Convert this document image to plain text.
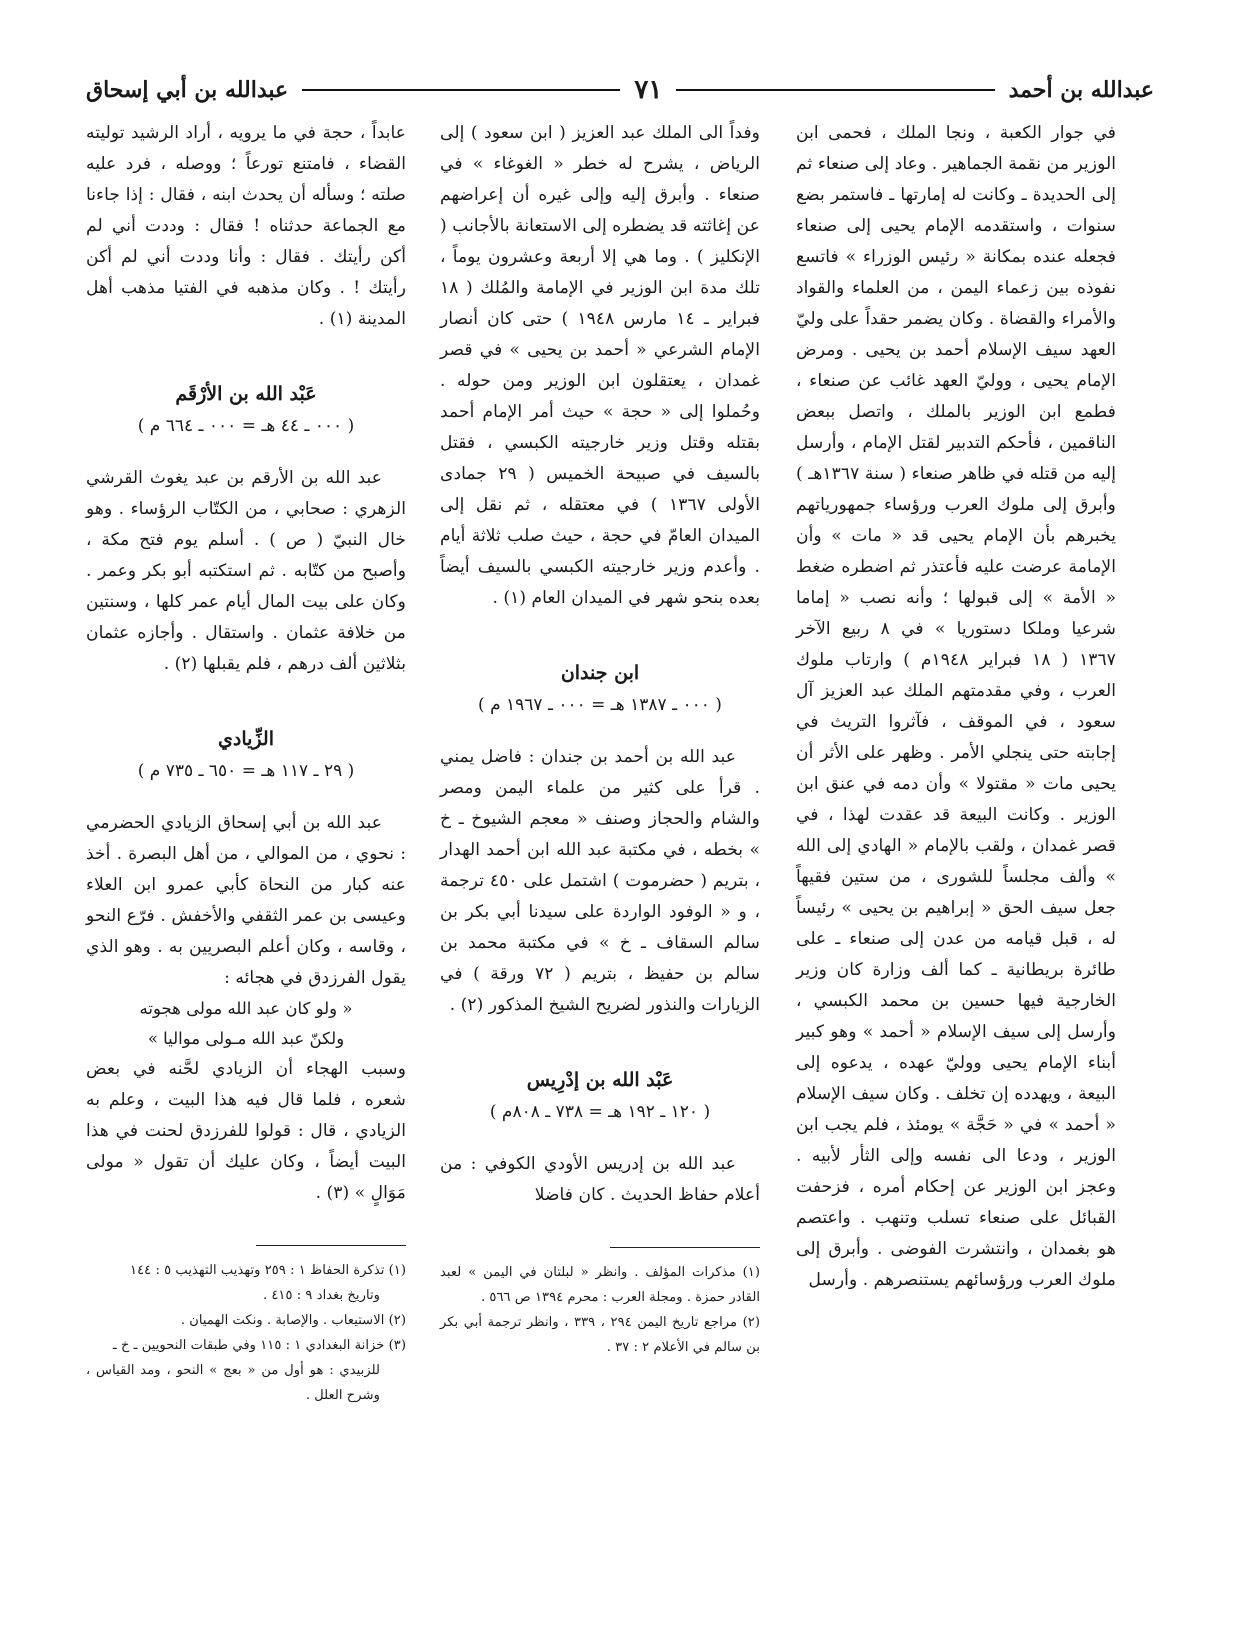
عبدالله بن أحمد
٧١
عبدالله بن أبي إسحاق

في جوار الكعبة ، ونجا الملك ، فحمى ابن الوزير من نقمة الجماهير . وعاد إلى صنعاء ثم إلى الحديدة ـ وكانت له إمارتها ـ فاستمر بضع سنوات ، واستقدمه الإمام يحيى إلى صنعاء فجعله عنده بمكانة « رئيس الوزراء » فاتسع نفوذه بين زعماء اليمن ، من العلماء والقواد والأمراء والقضاة . وكان يضمر حقداً على وليّ العهد سيف الإسلام أحمد بن يحيى . ومرض الإمام يحيى ، ووليّ العهد غائب عن صنعاء ، فطمع ابن الوزير بالملك ، واتصل ببعض الناقمين ، فأحكم التدبير لقتل الإمام ، وأرسل إليه من قتله في ظاهر صنعاء ( سنة ١٣٦٧هـ ) وأبرق إلى ملوك العرب ورؤساء جمهورياتهم يخبرهم بأن الإمام يحيى قد « مات » وأن الإمامة عرضت عليه فأعتذر ثم اضطره ضغط « الأمة » إلى قبولها ؛ وأنه نصب « إماما شرعيا وملكا دستوريا » في ٨ ربيع الآخر ١٣٦٧ ( ١٨ فبراير ١٩٤٨م ) وارتاب ملوك العرب ، وفي مقدمتهم الملك عبد العزيز آل سعود ، في الموقف ، فآثروا التريث في إجابته حتى ينجلي الأمر . وظهر على الأثر أن يحيى مات « مقتولا » وأن دمه في عنق ابن الوزير . وكانت البيعة قد عقدت لهذا ، في قصر غمدان ، ولقب بالإمام « الهادي إلى الله » وألف مجلساً للشورى ، من ستين فقيهاً جعل سيف الحق « إبراهيم بن يحيى » رئيساً له ، قبل قيامه من عدن إلى صنعاء ـ على طائرة بريطانية ـ كما ألف وزارة كان وزير الخارجية فيها حسين بن محمد الكبسي ، وأرسل إلى سيف الإسلام « أحمد » وهو كبير أبناء الإمام يحيى ووليّ عهده ، يدعوه إلى البيعة ، ويهدده إن تخلف . وكان سيف الإسلام « أحمد » في « حَجَّة » يومئذ ، فلم يجب ابن الوزير ، ودعا الى نفسه وإلى الثأر لأبيه . وعجز ابن الوزير عن إحكام أمره ، فزحفت القبائل على صنعاء تسلب وتنهب . واعتصم هو بغمدان ، وانتشرت الفوضى . وأبرق إلى ملوك العرب ورؤسائهم يستنصرهم . وأرسل

وفداً الى الملك عبد العزيز ( ابن سعود ) إلى الرياض ، يشرح له خطر « الغوغاء » في صنعاء . وأبرق إليه وإلى غيره أن إعراضهم عن إغاثته قد يضطره إلى الاستعانة بالأجانب ( الإنكليز ) . وما هي إلا أربعة وعشرون يوماً ، تلك مدة ابن الوزير في الإمامة والمُلك ( ١٨ فبراير ـ ١٤ مارس ١٩٤٨ ) حتى كان أنصار الإمام الشرعي « أحمد بن يحيى » في قصر غمدان ، يعتقلون ابن الوزير ومن حوله . وحُملوا إلى « حجة » حيث أمر الإمام أحمد بقتله وقتل وزير خارجيته الكبسي ، فقتل بالسيف في صبيحة الخميس ( ٢٩ جمادى الأولى ١٣٦٧ ) في معتقله ، ثم نقل إلى الميدان العامّ في حجة ، حيث صلب ثلاثة أيام . وأعدم وزير خارجيته الكبسي بالسيف أيضاً بعده بنحو شهر في الميدان العام (١) .

ابن جندان
( ٠٠٠ ـ ١٣٨٧ هـ = ٠٠٠ ـ ١٩٦٧ م )

عبد الله بن أحمد بن جندان : فاضل يمني . قرأ على كثير من علماء اليمن ومصر والشام والحجاز وصنف « معجم الشيوخ ـ خ » بخطه ، في مكتبة عبد الله ابن أحمد الهدار ، بتريم ( حضرموت ) اشتمل على ٤٥٠ ترجمة ، و « الوفود الواردة على سيدنا أبي بكر بن سالم السقاف ـ خ » في مكتبة محمد بن سالم بن حفيظ ، بتريم ( ٧٢ ورقة ) في الزيارات والنذور لضريح الشيخ المذكور (٢) .

عَبْد الله بن إدْرِيس
( ١٢٠ ـ ١٩٢ هـ = ٧٣٨ ـ ٨٠٨م )

عبد الله بن إدريس الأودي الكوفي : من أعلام حفاظ الحديث . كان فاضلا

(١) مذكرات المؤلف . وانظر « لبلتان في اليمن » لعبد القادر حمزة . ومجلة العرب : محرم ١٣٩٤ ص ٥٦٦ .

(٢) مراجع تاريخ اليمن ٢٩٤ ، ٣٣٩ ، وانظر ترجمة أبي بكر بن سالم في الأعلام ٢ : ٣٧ .

عابداً ، حجة في ما يرويه ، أراد الرشيد توليته القضاء ، فامتنع تورعاً ؛ ووصله ، فرد عليه صلته ؛ وسأله أن يحدث ابنه ، فقال : إذا جاءنا مع الجماعة حدثناه ! فقال : وددت أني لم أكن رأيتك . فقال : وأنا وددت أني لم أكن رأيتك ! . وكان مذهبه في الفتيا مذهب أهل المدينة (١) .

عَبْد الله بن الأرْقَم
( ٠٠٠ ـ ٤٤ هـ = ٠٠٠ ـ ٦٦٤ م )

عبد الله بن الأرقم بن عبد يغوث القرشي الزهري : صحابي ، من الكتّاب الرؤساء . وهو خال النبيّ ( ص ) . أسلم يوم فتح مكة ، وأصبح من كتّابه . ثم استكتبه أبو بكر وعمر . وكان على بيت المال أيام عمر كلها ، وسنتين من خلافة عثمان . واستقال . وأجازه عثمان بثلاثين ألف درهم ، فلم يقبلها (٢) .

الزِّيادي
( ٢٩ ـ ١١٧ هـ = ٦٥٠ ـ ٧٣٥ م )

عبد الله بن أبي إسحاق الزيادي الحضرمي : نحوي ، من الموالي ، من أهل البصرة . أخذ عنه كبار من النحاة كأبي عمرو ابن العلاء وعيسى بن عمر الثقفي والأخفش . فرّع النحو ، وقاسه ، وكان أعلم البصريين به . وهو الذي يقول الفرزدق في هجائه :

« ولو كان عبد الله مولى هجوته
ولكنّ عبد الله مـولى مواليا »

وسبب الهجاء أن الزيادي لحَّنه في بعض شعره ، فلما قال فيه هذا البيت ، وعلم به الزيادي ، قال : قولوا للفرزدق لحنت في هذا البيت أيضاً ، وكان عليك أن تقول « مولى مَوَالٍ » (٣) .

(١) تذكرة الحفاظ ١ : ٢٥٩ وتهذيب التهذيب ٥ : ١٤٤

وتاريخ بغداد ٩ : ٤١٥ .

(٢) الاستيعاب . والإصابة . ونكت الهميان .

(٣) خزانة البغدادي ١ : ١١٥ وفي طبقات النحويين ـ خ ـ

للزبيدي : هو أول من « بعج » النحو ، ومد القياس ، وشرح العلل .
